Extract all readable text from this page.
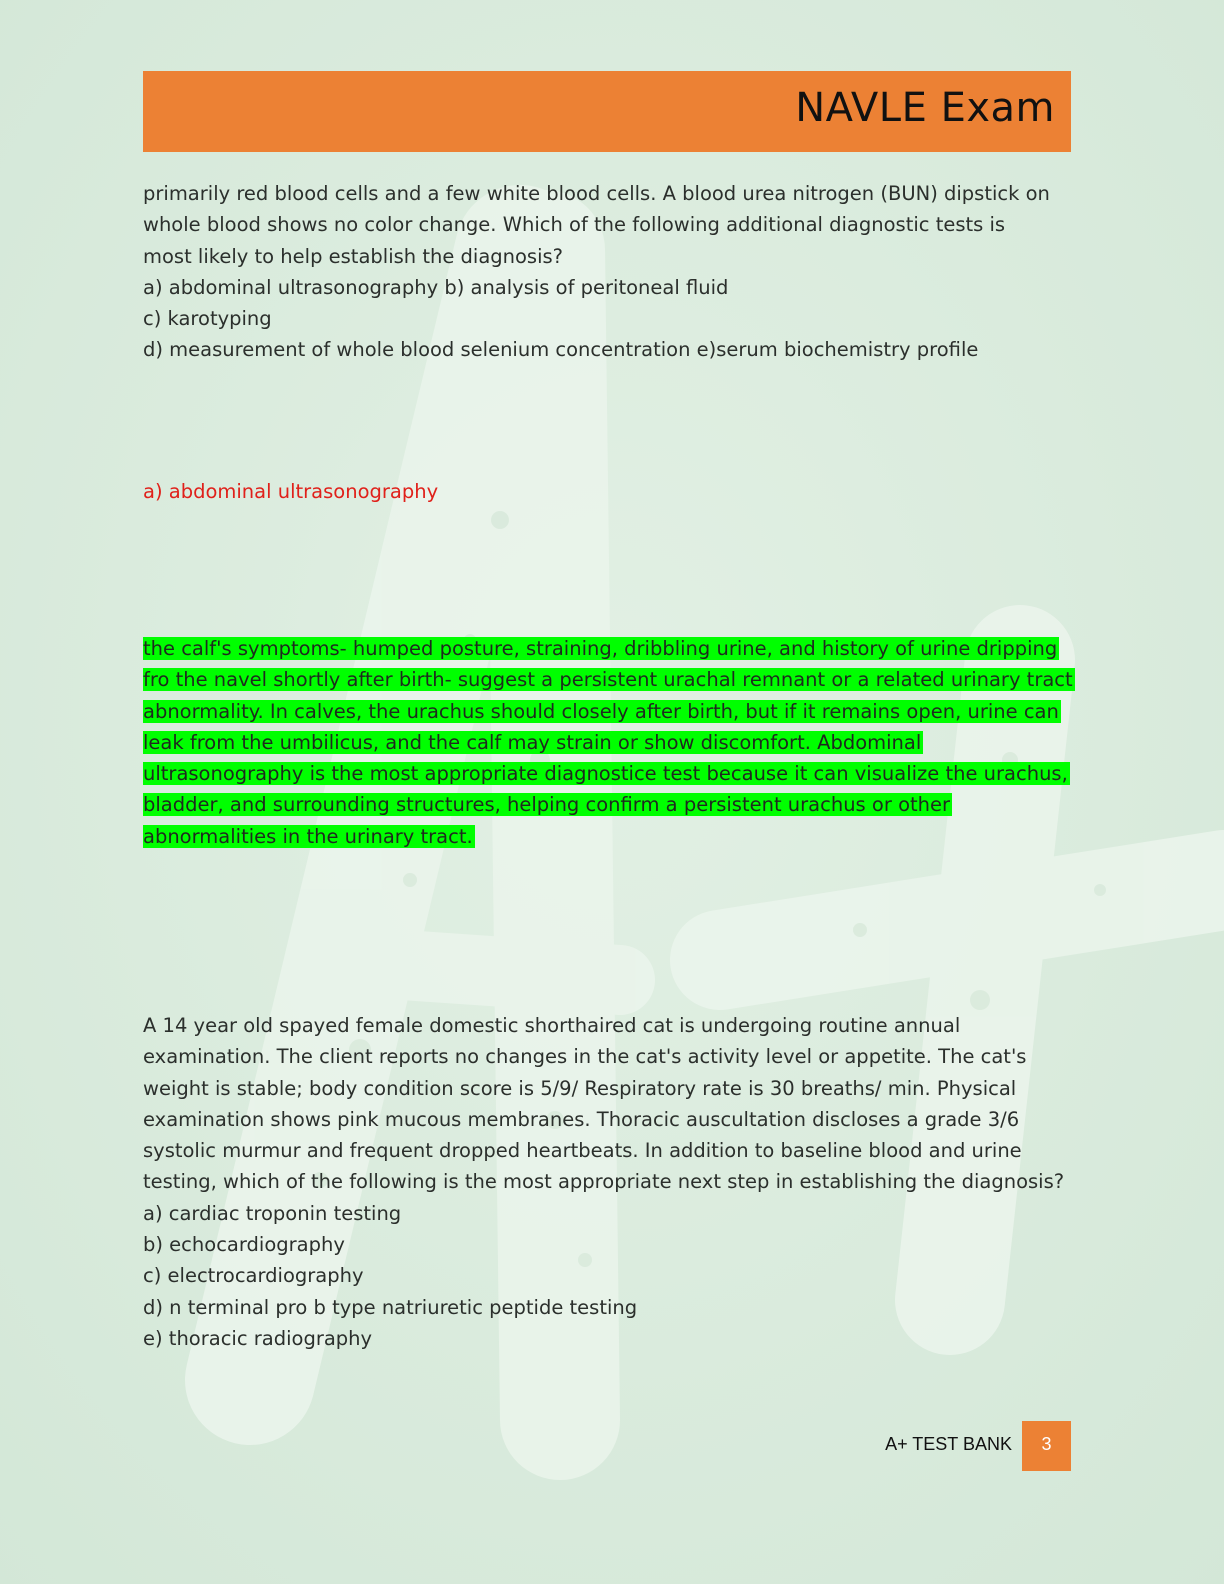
NAVLE Exam
primarily red blood cells and a few white blood cells. A blood urea nitrogen (BUN) dipstick on
whole blood shows no color change. Which of the following additional diagnostic tests is
most likely to help establish the diagnosis?
a) abdominal ultrasonography b) analysis of peritoneal fluid
c) karotyping
d) measurement of whole blood selenium concentration e)serum biochemistry profile
a) abdominal ultrasonography
the calf's symptoms- humped posture, straining, dribbling urine, and history of urine dripping
fro the navel shortly after birth- suggest a persistent urachal remnant or a related urinary tract
abnormality. In calves, the urachus should closely after birth, but if it remains open, urine can
leak from the umbilicus, and the calf may strain or show discomfort. Abdominal
ultrasonography is the most appropriate diagnostice test because it can visualize the urachus,
bladder, and surrounding structures, helping confirm a persistent urachus or other
abnormalities in the urinary tract.
A 14 year old spayed female domestic shorthaired cat is undergoing routine annual
examination. The client reports no changes in the cat's activity level or appetite. The cat's
weight is stable; body condition score is 5/9/ Respiratory rate is 30 breaths/ min. Physical
examination shows pink mucous membranes. Thoracic auscultation discloses a grade 3/6
systolic murmur and frequent dropped heartbeats. In addition to baseline blood and urine
testing, which of the following is the most appropriate next step in establishing the diagnosis?
a) cardiac troponin testing
b) echocardiography
c) electrocardiography
d) n terminal pro b type natriuretic peptide testing
e) thoracic radiography
A+ TEST BANK	3
